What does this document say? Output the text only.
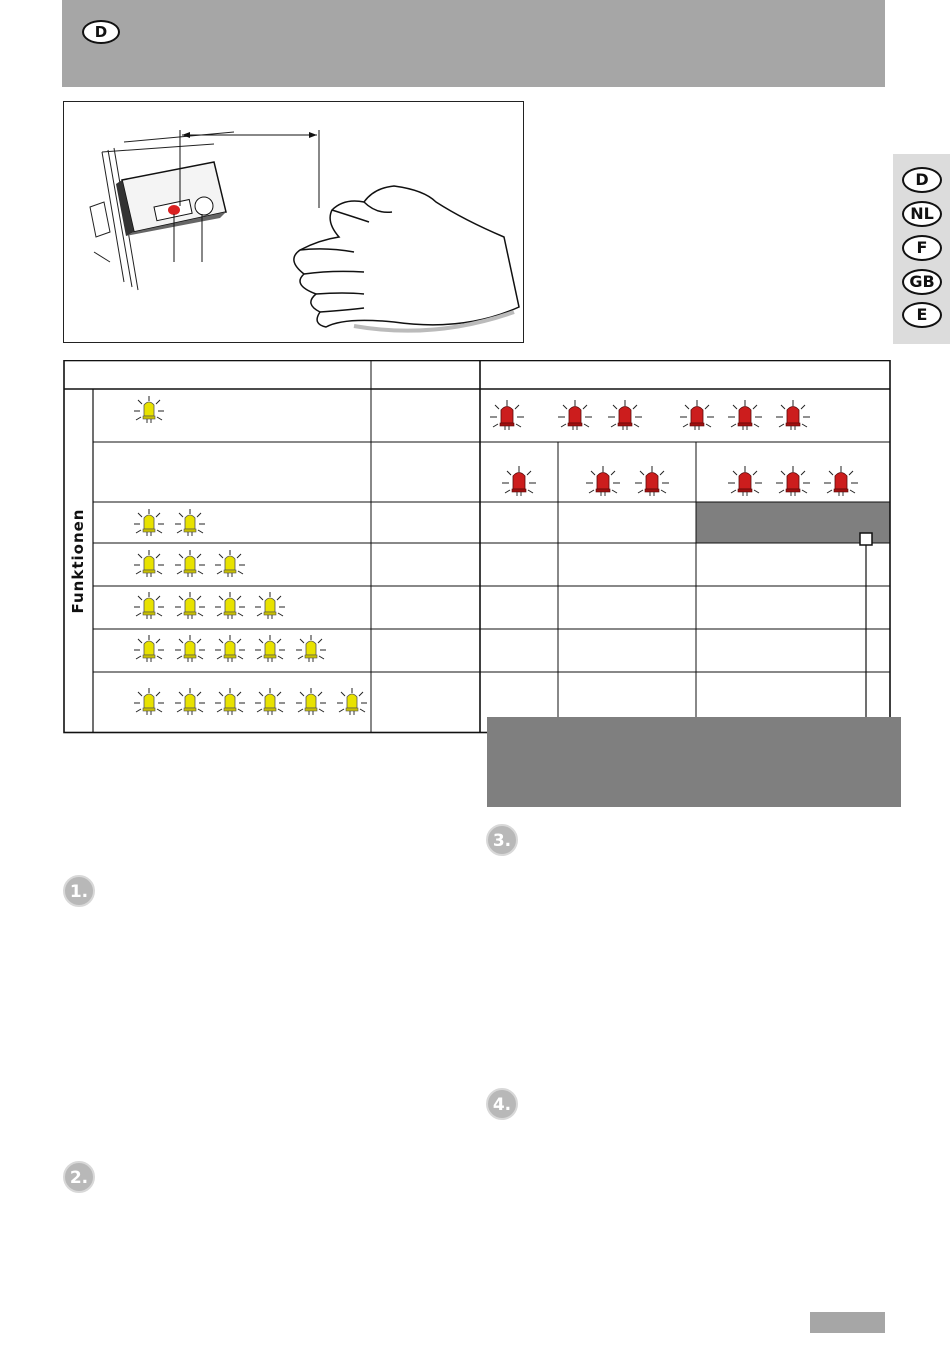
D
D
NL
F
GB
E
Funktionen
1.
2.
3.
4.
